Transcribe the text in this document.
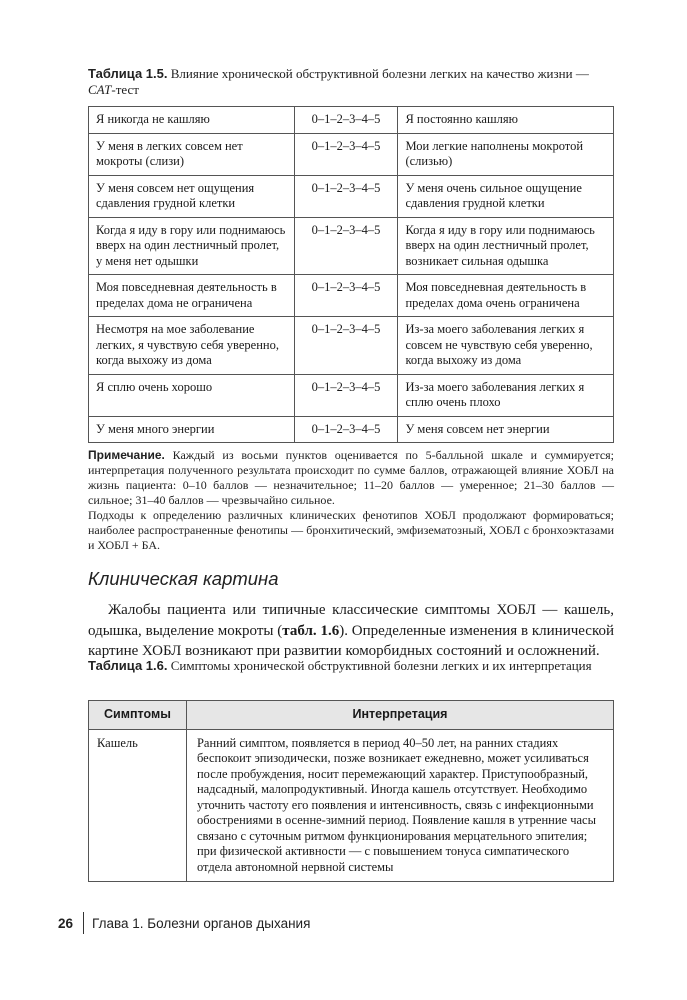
Таблица 1.5. Влияние хронической обструктивной болезни легких на качество жизни — CAT-тест
Я никогда не кашляю	0–1–2–3–4–5	Я постоянно кашляю
У меня в легких совсем нет мокроты (слизи)	0–1–2–3–4–5	Мои легкие наполнены мокротой (слизью)
У меня совсем нет ощущения сдавления грудной клетки	0–1–2–3–4–5	У меня очень сильное ощущение сдавления грудной клетки
Когда я иду в гору или поднимаюсь вверх на один лестничный пролет, у меня нет одышки	0–1–2–3–4–5	Когда я иду в гору или поднимаюсь вверх на один лестничный пролет, возникает сильная одышка
Моя повседневная деятельность в пределах дома не ограничена	0–1–2–3–4–5	Моя повседневная деятельность в пределах дома очень ограничена
Несмотря на мое заболевание легких, я чувствую себя уверенно, когда выхожу из дома	0–1–2–3–4–5	Из-за моего заболевания легких я совсем не чувствую себя уверенно, когда выхожу из дома
Я сплю очень хорошо	0–1–2–3–4–5	Из-за моего заболевания легких я сплю очень плохо
У меня много энергии	0–1–2–3–4–5	У меня совсем нет энергии

Примечание. Каждый из восьми пунктов оценивается по 5-балльной шкале и суммируется; интерпретация полученного результата происходит по сумме баллов, отражающей влияние ХОБЛ на жизнь пациента: 0–10 баллов — незначительное; 11–20 баллов — умеренное; 21–30 баллов — сильное; 31–40 баллов — чрезвычайно сильное.

Подходы к определению различных клинических фенотипов ХОБЛ продолжают формироваться; наиболее распространенные фенотипы — бронхитический, эмфизематозный, ХОБЛ с бронхоэктазами и ХОБЛ + БА.

Клиническая картина

Жалобы пациента или типичные классические симптомы ХОБЛ — кашель, одышка, выделение мокроты (табл. 1.6). Определенные изменения в клинической картине ХОБЛ возникают при развитии коморбидных состояний и осложнений.

Таблица 1.6. Симптомы хронической обструктивной болезни легких и их интерпретация
Симптомы	Интерпретация
Кашель	Ранний симптом, появляется в период 40–50 лет, на ранних стадиях беспокоит эпизодически, позже возникает ежедневно, может усиливаться после пробуждения, носит перемежающий характер. Приступообразный, надсадный, малопродуктивный. Иногда кашель отсутствует. Необходимо уточнить частоту его появления и интенсивность, связь с инфекционными обострениями в осенне-зимний период. Появление кашля в утренние часы связано с суточным ритмом функционирования мерцательного эпителия; при физической активности — с повышением тонуса симпатического отдела автономной нервной системы
26 Глава 1. Болезни органов дыхания
